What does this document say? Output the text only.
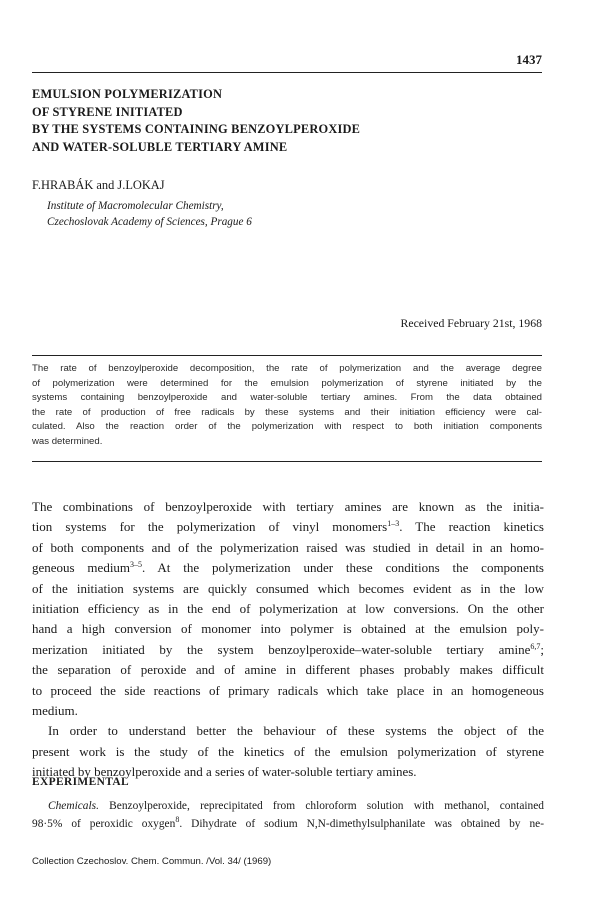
1437
EMULSION POLYMERIZATION
OF STYRENE INITIATED
BY THE SYSTEMS CONTAINING BENZOYLPEROXIDE
AND WATER-SOLUBLE TERTIARY AMINE
F.HRABÁK and J.LOKAJ
Institute of Macromolecular Chemistry,
Czechoslovak Academy of Sciences, Prague 6
Received February 21st, 1968
The rate of benzoylperoxide decomposition, the rate of polymerization and the average degree
of polymerization were determined for the emulsion polymerization of styrene initiated by the
systems containing benzoylperoxide and water-soluble tertiary amines. From the data obtained
the rate of production of free radicals by these systems and their initiation efficiency were cal-
culated. Also the reaction order of the polymerization with respect to both initiation components
was determined.
The combinations of benzoylperoxide with tertiary amines are known as the initia-
tion systems for the polymerization of vinyl monomers$^{1-3}$. The reaction kinetics
of both components and of the polymerization raised was studied in detail in an homo-
geneous medium$^{3-5}$. At the polymerization under these conditions the components
of the initiation systems are quickly consumed which becomes evident as in the low
initiation efficiency as in the end of polymerization at low conversions. On the other
hand a high conversion of monomer into polymer is obtained at the emulsion poly-
merization initiated by the system benzoylperoxide–water-soluble tertiary amine$^{6,7}$;
the separation of peroxide and of amine in different phases probably makes difficult
to proceed the side reactions of primary radicals which take place in an homogeneous
medium.
In order to understand better the behaviour of these systems the object of the
present work is the study of the kinetics of the emulsion polymerization of styrene
initiated by benzoylperoxide and a series of water-soluble tertiary amines.
EXPERIMENTAL
Chemicals. Benzoylperoxide, reprecipitated from chloroform solution with methanol, contained
98·5% of peroxidic oxygen$^8$. Dihydrate of sodium N,N-dimethylsulphanilate was obtained by ne-
Collection Czechoslov. Chem. Commun. /Vol. 34/ (1969)
